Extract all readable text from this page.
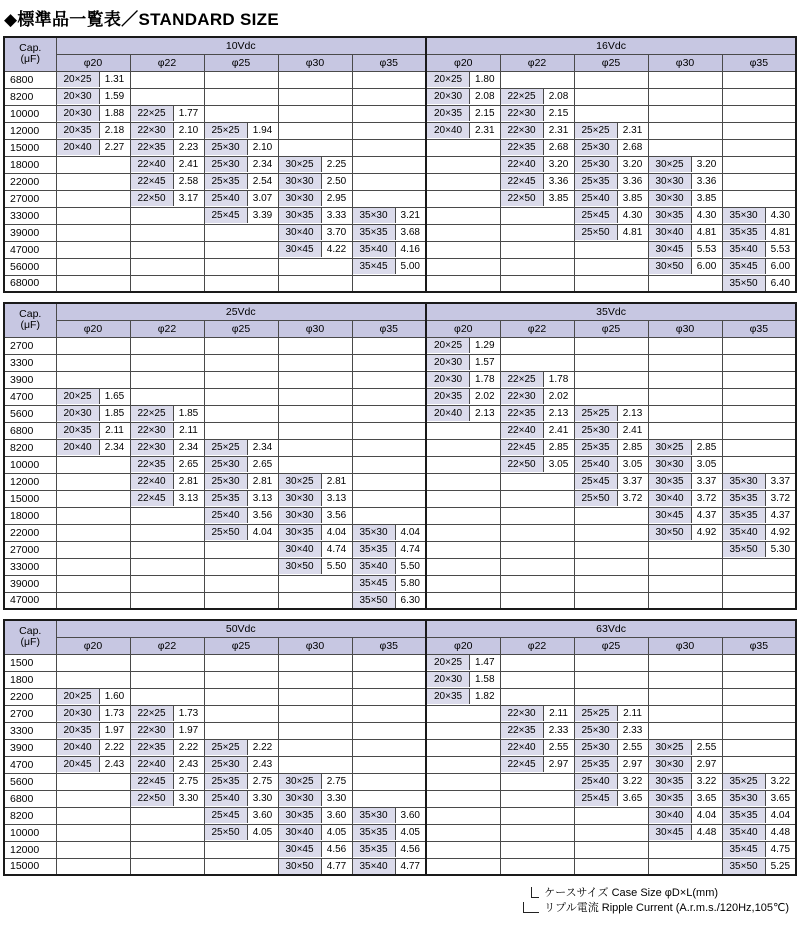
◆標準品一覧表／STANDARD SIZE
Cap.
(μF)	10Vdc					16Vdc				
	φ20	φ22	φ25	φ30	φ35	φ20	φ22	φ25	φ30	φ35
6800	20×25 1.31					20×25 1.80				

8200	20×30 1.59					20×30 2.08	22×25 2.08			

10000	20×30 1.88	22×25 1.77				20×35 2.15	22×30 2.15			

12000	20×35 2.18	22×30 2.10	25×25 1.94			20×40 2.31	22×30 2.31	25×25 2.31		

15000	20×40 2.27	22×35 2.23	25×30 2.10				22×35 2.68	25×30 2.68		

18000		22×40 2.41	25×30 2.34	30×25 2.25			22×40 3.20	25×30 3.20	30×25 3.20	

22000		22×45 2.58	25×35 2.54	30×30 2.50			22×45 3.36	25×35 3.36	30×30 3.36	

27000		22×50 3.17	25×40 3.07	30×30 2.95			22×50 3.85	25×40 3.85	30×30 3.85	

33000			25×45 3.39	30×35 3.33	35×30 3.21			25×45 4.30	30×35 4.30	35×30 4.30

39000				30×40 3.70	35×35 3.68			25×50 4.81	30×40 4.81	35×35 4.81

47000				30×45 4.22	35×40 4.16				30×45 5.53	35×40 5.53

56000					35×45 5.00				30×50 6.00	35×45 6.00

68000										35×50 6.40
Cap.
(μF)	25Vdc					35Vdc				
	φ20	φ22	φ25	φ30	φ35	φ20	φ22	φ25	φ30	φ35
2700						20×25 1.29				

3300						20×30 1.57				

3900						20×30 1.78	22×25 1.78			

4700	20×25 1.65					20×35 2.02	22×30 2.02			

5600	20×30 1.85	22×25 1.85				20×40 2.13	22×35 2.13	25×25 2.13		

6800	20×35 2.11	22×30 2.11					22×40 2.41	25×30 2.41		

8200	20×40 2.34	22×30 2.34	25×25 2.34				22×45 2.85	25×35 2.85	30×25 2.85	

10000		22×35 2.65	25×30 2.65				22×50 3.05	25×40 3.05	30×30 3.05	

12000		22×40 2.81	25×30 2.81	30×25 2.81				25×45 3.37	30×35 3.37	35×30 3.37

15000		22×45 3.13	25×35 3.13	30×30 3.13				25×50 3.72	30×40 3.72	35×35 3.72

18000			25×40 3.56	30×30 3.56					30×45 4.37	35×35 4.37

22000			25×50 4.04	30×35 4.04	35×30 4.04				30×50 4.92	35×40 4.92

27000				30×40 4.74	35×35 4.74					35×50 5.30

33000				30×50 5.50	35×40 5.50					

39000					35×45 5.80					

47000					35×50 6.30					

Cap.
(μF)	50Vdc					63Vdc				
	φ20	φ22	φ25	φ30	φ35	φ20	φ22	φ25	φ30	φ35
1500						20×25 1.47				

1800						20×30 1.58				

2200	20×25 1.60					20×35 1.82				

2700	20×30 1.73	22×25 1.73					22×30 2.11	25×25 2.11		

3300	20×35 1.97	22×30 1.97					22×35 2.33	25×30 2.33		

3900	20×40 2.22	22×35 2.22	25×25 2.22				22×40 2.55	25×30 2.55	30×25 2.55	

4700	20×45 2.43	22×40 2.43	25×30 2.43				22×45 2.97	25×35 2.97	30×30 2.97	

5600		22×45 2.75	25×35 2.75	30×25 2.75				25×40 3.22	30×35 3.22	35×25 3.22

6800		22×50 3.30	25×40 3.30	30×30 3.30				25×45 3.65	30×35 3.65	35×30 3.65

8200			25×45 3.60	30×35 3.60	35×30 3.60				30×40 4.04	35×35 4.04

10000			25×50 4.05	30×40 4.05	35×35 4.05				30×45 4.48	35×40 4.48

12000				30×45 4.56	35×35 4.56					35×45 4.75

15000				30×50 4.77	35×40 4.77					35×50 5.25
ケースサイズ Case Size φD×L(mm)
リプル電流 Ripple Current (A.r.m.s./120Hz,105℃)
